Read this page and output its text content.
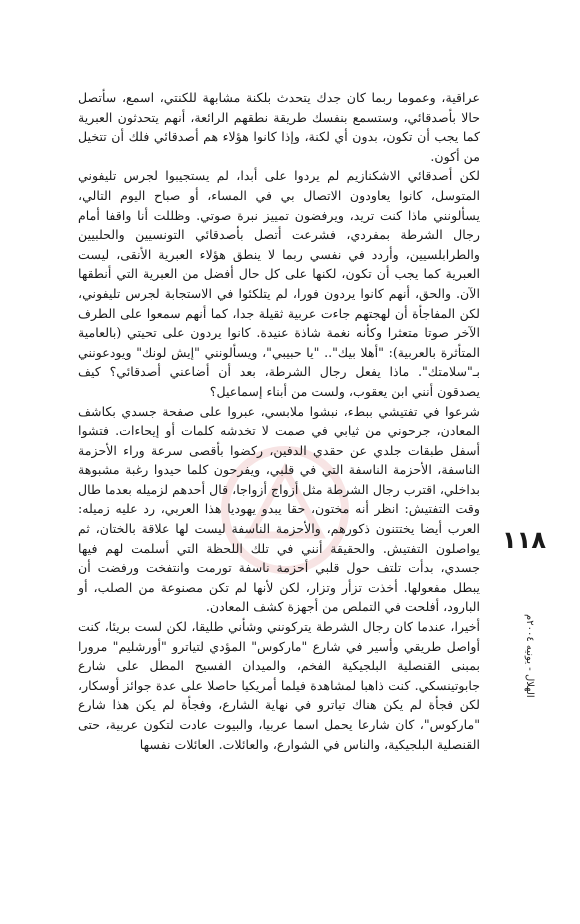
عراقية، وعموما ربما كان جدك يتحدث بلكنة مشابهة للكنتي، اسمع، سأتصل حالا بأصدقائي، وستسمع بنفسك طريقة نطقهم الرائعة، أنهم يتحدثون العبرية كما يجب أن تكون، بدون أي لكنة، وإذا كانوا هؤلاء هم أصدقائي فلك أن تتخيل من أكون.

لكن أصدقائي الاشكنازيم لم يردوا على أبدا، لم يستجيبوا لجرس تليفوني المتوسل، كانوا يعاودون الاتصال بي في المساء، أو صباح اليوم التالي، يسألونني ماذا كنت تريد، ويرفضون تمييز نبرة صوتي. وظللت أنا واقفا أمام رجال الشرطة بمفردي، فشرعت أتصل بأصدقائي التونسيين والحلبيين والطرابلسيين، وأردد في نفسي ربما لا ينطق هؤلاء العبرية الأنقى، ليست العبرية كما يجب أن تكون، لكنها على كل حال أفضل من العبرية التي أنطقها الآن. والحق، أنهم كانوا يردون فورا، لم يتلكئوا في الاستجابة لجرس تليفوني، لكن المفاجأة أن لهجتهم جاءت عربية ثقيلة جدا، كما أنهم سمعوا على الطرف الآخر صوتا متعثرا وكأنه نغمة شاذة عنيدة. كانوا يردون على تحيتي (بالعامية المتأثرة بالعربية): "أهلا بيك".. "يا حبيبي"، ويسألونني "إيش لونك" ويودعونني بـ"سلامتك". ماذا يفعل رجال الشرطة، بعد أن أضاعني أصدقائي؟ كيف يصدقون أنني ابن يعقوب، ولست من أبناء إسماعيل؟

شرعوا في تفتيشي ببطء، نبشوا ملابسي، عبروا على صفحة جسدي بكاشف المعادن، جرحوني من ثيابي في صمت لا تخدشه كلمات أو إيحاءات. فتشوا أسفل طبقات جلدي عن حقدي الدفين، ركضوا بأقصى سرعة وراء الأحزمة الناسفة، الأحزمة الناسفة التي في قلبي، ويفرحون كلما حيدوا رغبة مشبوهة بداخلي، اقترب رجال الشرطة مثل أزواج أزواجا، قال أحدهم لزميله بعدما طال وقت التفتيش: انظر أنه مختون، حقا يبدو يهوديا هذا العربي، رد عليه زميله: العرب أيضا يختتنون ذكورهم، والأحزمة الناسفة ليست لها علاقة بالختان، ثم يواصلون التفتيش. والحقيقة أنني في تلك اللحظة التي أسلمت لهم فيها جسدي، بدأت تلتف حول قلبي أحزمة ناسفة تورمت وانتفخت ورفضت أن يبطل مفعولها. أخذت تزأر وتزار، لكن لأنها لم تكن مصنوعة من الصلب، أو البارود، أفلحت في التملص من أجهزة كشف المعادن.

أخيرا، عندما كان رجال الشرطة يتركونني وشأني طليقا، لكن لست بريئا، كنت أواصل طريقي وأسير في شارع "ماركوس" المؤدي لتياترو "أورشليم" مرورا بمبنى القنصلية البلجيكية الفخم، والميدان الفسيح المطل على شارع جابوتينسكي. كنت ذاهبا لمشاهدة فيلما أمريكيا حاصلا على عدة جوائز أوسكار، لكن فجأة لم يكن هناك تياترو في نهاية الشارع، وفجأة لم يكن هذا شارع "ماركوس"، كان شارعا يحمل اسما عربيا، والبيوت عادت لتكون عربية، حتى القنصلية البلجيكية، والناس في الشوارع، والعائلات. العائلات نفسها

١١٨
الهلال - يونيه ٢٠٠٤م
